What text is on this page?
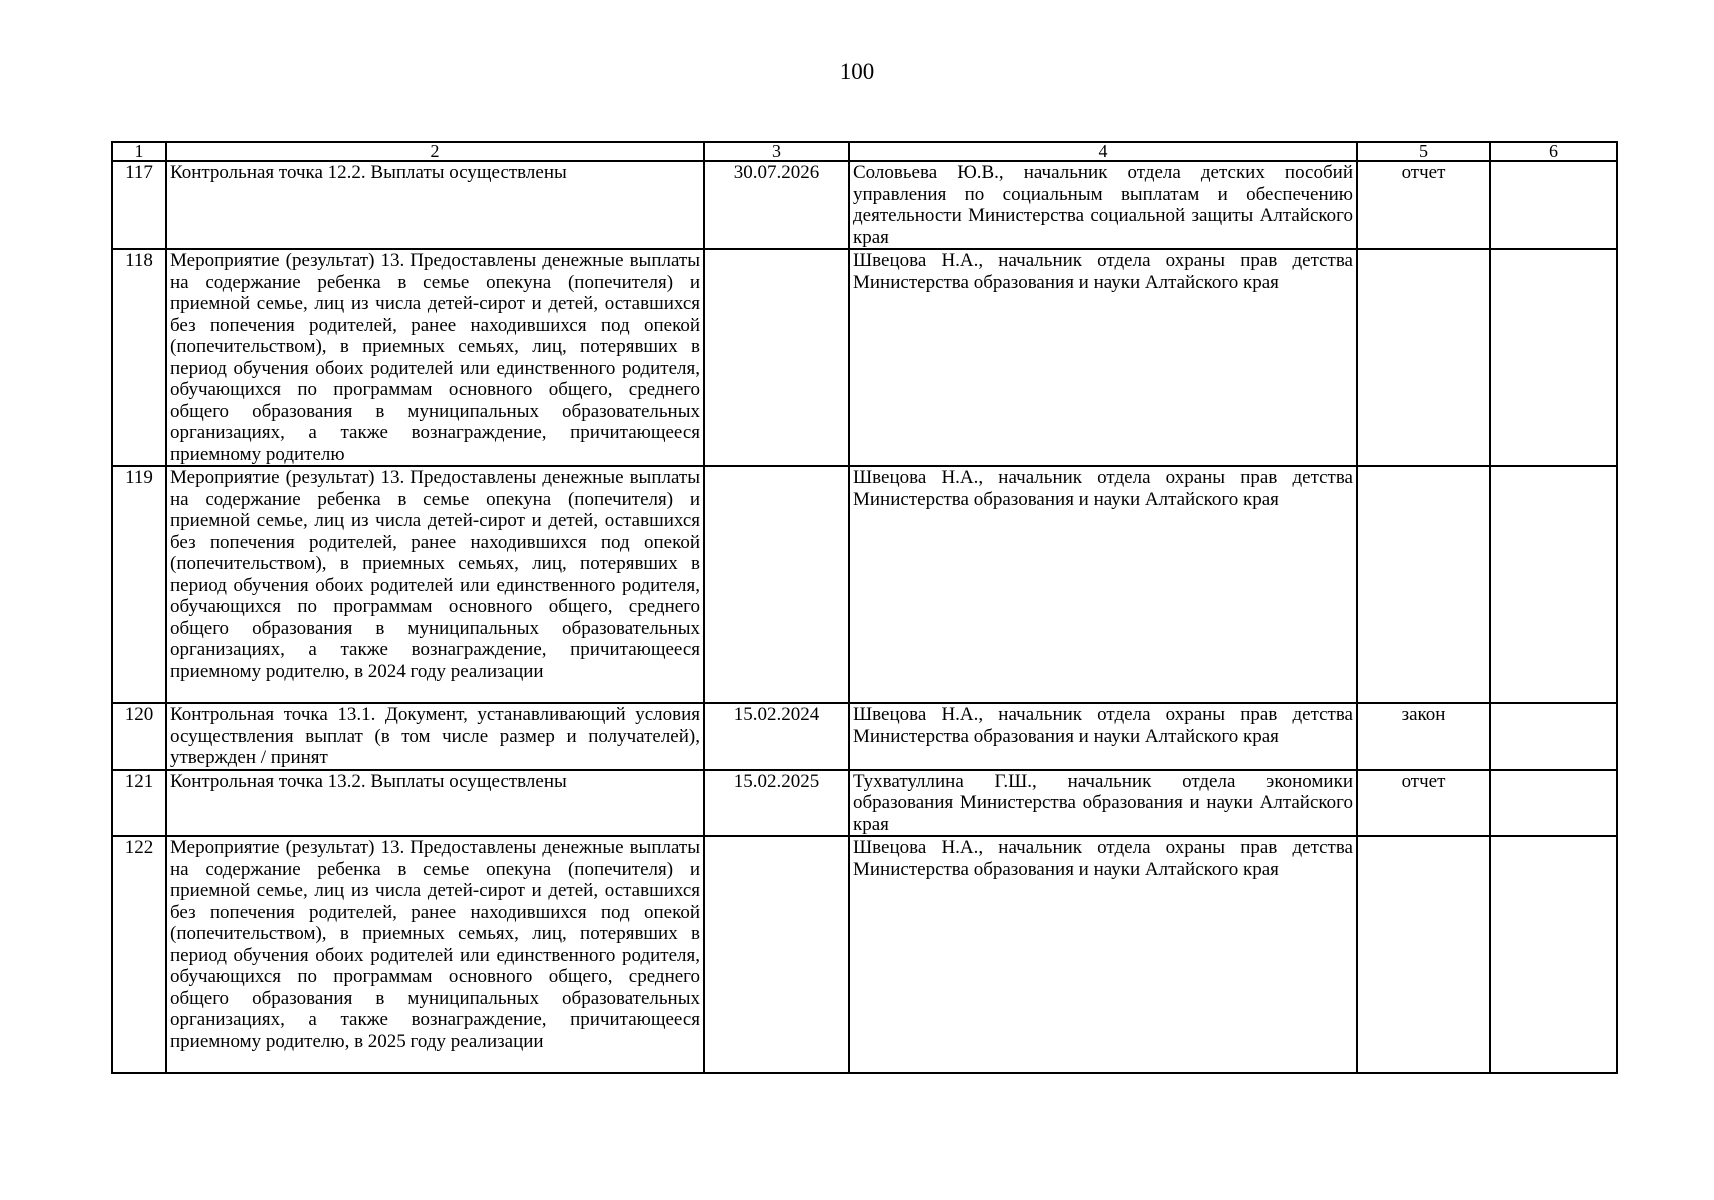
100
1	2	3	4	5	6
117	Контрольная точка 12.2. Выплаты осуществлены	30.07.2026	Соловьева Ю.В., начальник отдела детских пособий управления по социальным выплатам и обеспечению деятельности Министерства социальной защиты Алтайского края	отчет	
118	Мероприятие (результат) 13. Предоставлены денежные выплаты на содержание ребенка в семье опекуна (попечителя) и приемной семье, лиц из числа детей-сирот и детей, оставшихся без попечения родителей, ранее находившихся под опекой (попечительством), в приемных семьях, лиц, потерявших в период обучения обоих родителей или единственного родителя, обучающихся по программам основного общего, среднего общего образования в муниципальных образовательных организациях, а также вознаграждение, причитающееся приемному родителю		Швецова Н.А., начальник отдела охраны прав детства Министерства образования и науки Алтайского края		
119	Мероприятие (результат) 13. Предоставлены денежные выплаты на содержание ребенка в семье опекуна (попечителя) и приемной семье, лиц из числа детей-сирот и детей, оставшихся без попечения родителей, ранее находившихся под опекой (попечительством), в приемных семьях, лиц, потерявших в период обучения обоих родителей или единственного родителя, обучающихся по программам основного общего, среднего общего образования в муниципальных образовательных организациях, а также вознаграждение, причитающееся приемному родителю, в 2024 году реализации		Швецова Н.А., начальник отдела охраны прав детства Министерства образования и науки Алтайского края		
120	Контрольная точка 13.1. Документ, устанавливающий условия осуществления выплат (в том числе размер и получателей), утвержден / принят	15.02.2024	Швецова Н.А., начальник отдела охраны прав детства Министерства образования и науки Алтайского края	закон	
121	Контрольная точка 13.2. Выплаты осуществлены	15.02.2025	Тухватуллина Г.Ш., начальник отдела экономики образования Министерства образования и науки Алтайского края	отчет	
122	Мероприятие (результат) 13. Предоставлены денежные выплаты на содержание ребенка в семье опекуна (попечителя) и приемной семье, лиц из числа детей-сирот и детей, оставшихся без попечения родителей, ранее находившихся под опекой (попечительством), в приемных семьях, лиц, потерявших в период обучения обоих родителей или единственного родителя, обучающихся по программам основного общего, среднего общего образования в муниципальных образовательных организациях, а также вознаграждение, причитающееся приемному родителю, в 2025 году реализации		Швецова Н.А., начальник отдела охраны прав детства Министерства образования и науки Алтайского края		
